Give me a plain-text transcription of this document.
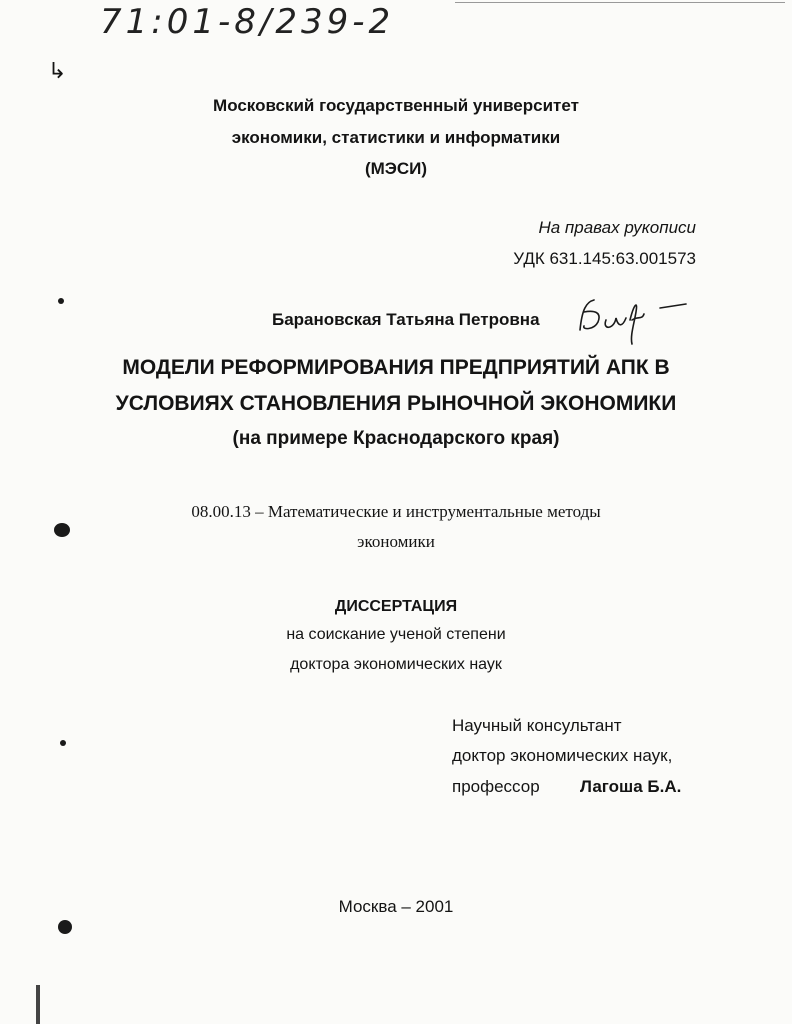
71:01-8/239-2
↳
Московский государственный университет
экономики, статистики и информатики
(МЭСИ)
На правах рукописи
УДК 631.145:63.001573
Барановская Татьяна Петровна
МОДЕЛИ РЕФОРМИРОВАНИЯ ПРЕДПРИЯТИЙ АПК В
УСЛОВИЯХ СТАНОВЛЕНИЯ РЫНОЧНОЙ ЭКОНОМИКИ
(на примере Краснодарского края)
08.00.13 – Математические и инструментальные методы
экономики
ДИССЕРТАЦИЯ
на соискание ученой степени
доктора экономических наук
Научный консультант
доктор экономических наук,
профессор Лагоша Б.А.
Москва – 2001
